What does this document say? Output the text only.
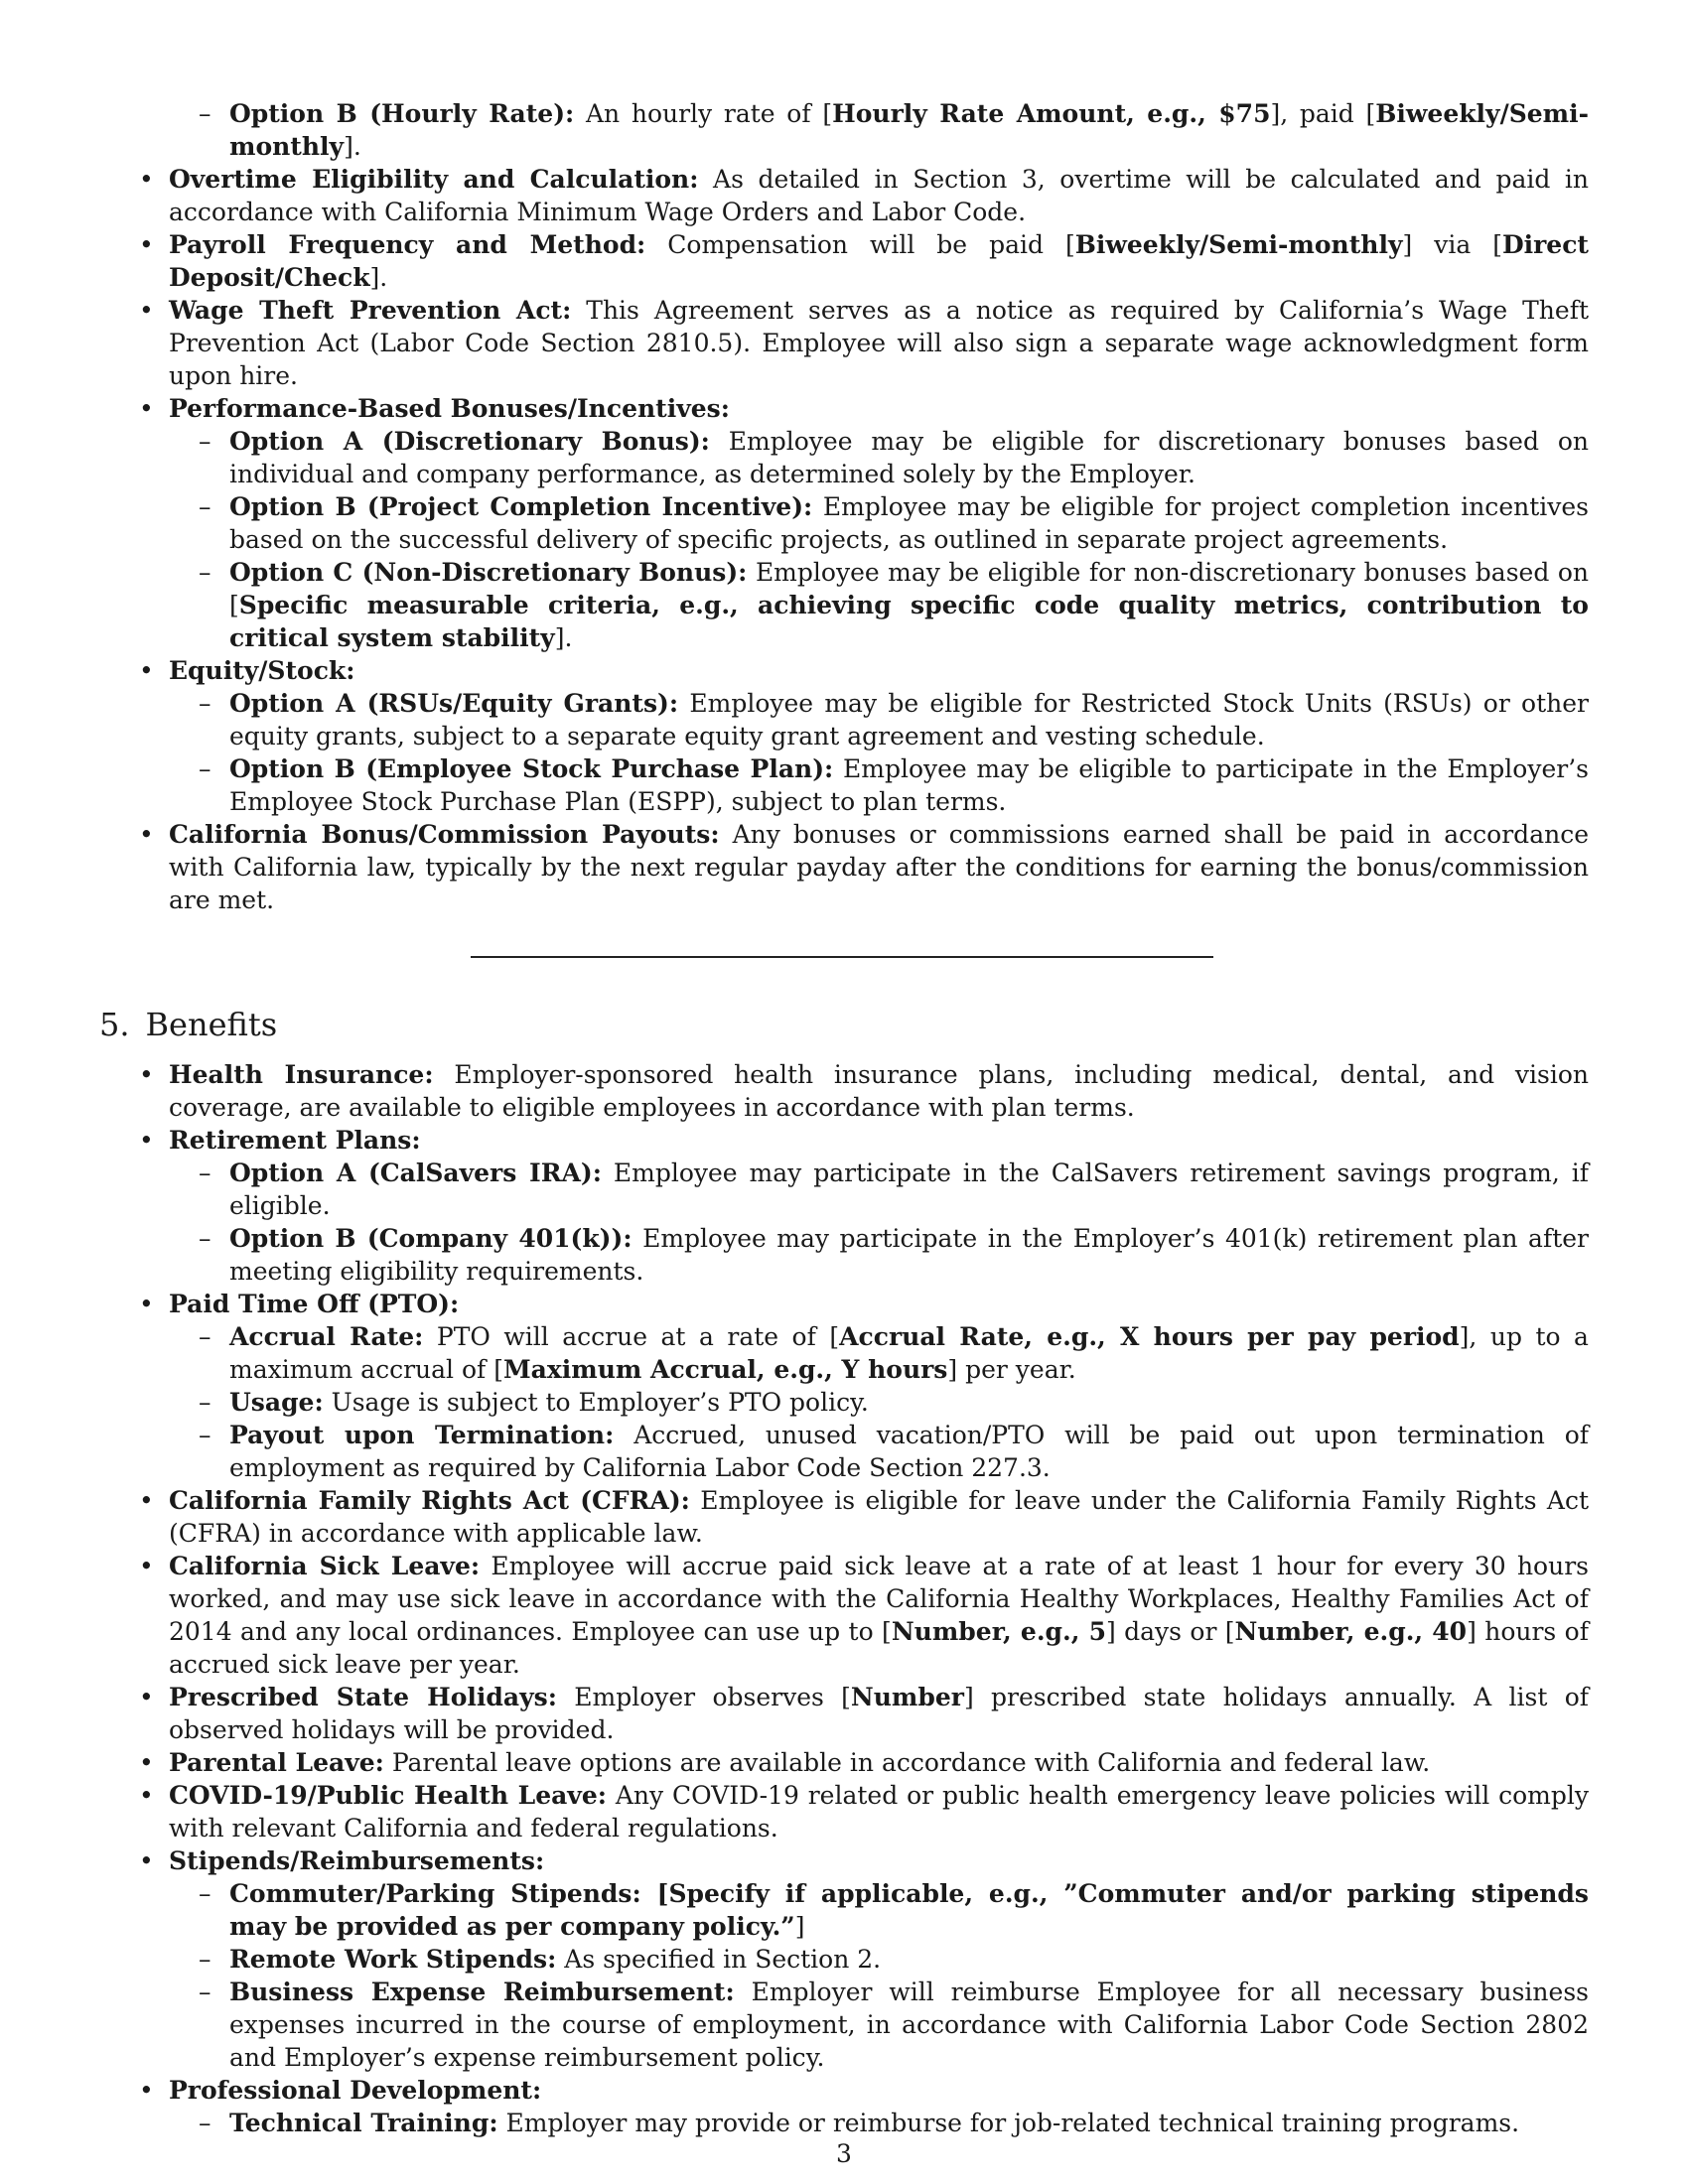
– Option B (Hourly Rate): An hourly rate of [Hourly Rate Amount, e.g., $75], paid [Biweekly/Semi-monthly].
• Overtime Eligibility and Calculation: As detailed in Section 3, overtime will be calculated and paid in accordance with California Minimum Wage Orders and Labor Code.
• Payroll Frequency and Method: Compensation will be paid [Biweekly/Semi-monthly] via [Direct Deposit/Check].
• Wage Theft Prevention Act: This Agreement serves as a notice as required by California’s Wage Theft Prevention Act (Labor Code Section 2810.5). Employee will also sign a separate wage acknowledgment form upon hire.
• Performance-Based Bonuses/Incentives:
– Option A (Discretionary Bonus): Employee may be eligible for discretionary bonuses based on individual and company performance, as determined solely by the Employer.
– Option B (Project Completion Incentive): Employee may be eligible for project completion incentives based on the successful delivery of specific projects, as outlined in separate project agreements.
– Option C (Non-Discretionary Bonus): Employee may be eligible for non-discretionary bonuses based on [Specific measurable criteria, e.g., achieving specific code quality metrics, contribution to critical system stability].
• Equity/Stock:
– Option A (RSUs/Equity Grants): Employee may be eligible for Restricted Stock Units (RSUs) or other equity grants, subject to a separate equity grant agreement and vesting schedule.
– Option B (Employee Stock Purchase Plan): Employee may be eligible to participate in the Employer’s Employee Stock Purchase Plan (ESPP), subject to plan terms.
• California Bonus/Commission Payouts: Any bonuses or commissions earned shall be paid in accordance with California law, typically by the next regular payday after the conditions for earning the bonus/commission are met.
5. Benefits
• Health Insurance: Employer-sponsored health insurance plans, including medical, dental, and vision coverage, are available to eligible employees in accordance with plan terms.
• Retirement Plans:
– Option A (CalSavers IRA): Employee may participate in the CalSavers retirement savings program, if eligible.
– Option B (Company 401(k)): Employee may participate in the Employer’s 401(k) retirement plan after meeting eligibility requirements.
• Paid Time Off (PTO):
– Accrual Rate: PTO will accrue at a rate of [Accrual Rate, e.g., X hours per pay period], up to a maximum accrual of [Maximum Accrual, e.g., Y hours] per year.
– Usage: Usage is subject to Employer’s PTO policy.
– Payout upon Termination: Accrued, unused vacation/PTO will be paid out upon termination of employment as required by California Labor Code Section 227.3.
• California Family Rights Act (CFRA): Employee is eligible for leave under the California Family Rights Act (CFRA) in accordance with applicable law.
• California Sick Leave: Employee will accrue paid sick leave at a rate of at least 1 hour for every 30 hours worked, and may use sick leave in accordance with the California Healthy Workplaces, Healthy Families Act of 2014 and any local ordinances. Employee can use up to [Number, e.g., 5] days or [Number, e.g., 40] hours of accrued sick leave per year.
• Prescribed State Holidays: Employer observes [Number] prescribed state holidays annually. A list of observed holidays will be provided.
• Parental Leave: Parental leave options are available in accordance with California and federal law.
• COVID-19/Public Health Leave: Any COVID-19 related or public health emergency leave policies will comply with relevant California and federal regulations.
• Stipends/Reimbursements:
– Commuter/Parking Stipends: [Specify if applicable, e.g., ”Commuter and/or parking stipends may be provided as per company policy.”]
– Remote Work Stipends: As specified in Section 2.
– Business Expense Reimbursement: Employer will reimburse Employee for all necessary business expenses incurred in the course of employment, in accordance with California Labor Code Section 2802 and Employer’s expense reimbursement policy.
• Professional Development:
– Technical Training: Employer may provide or reimburse for job-related technical training programs.
3
